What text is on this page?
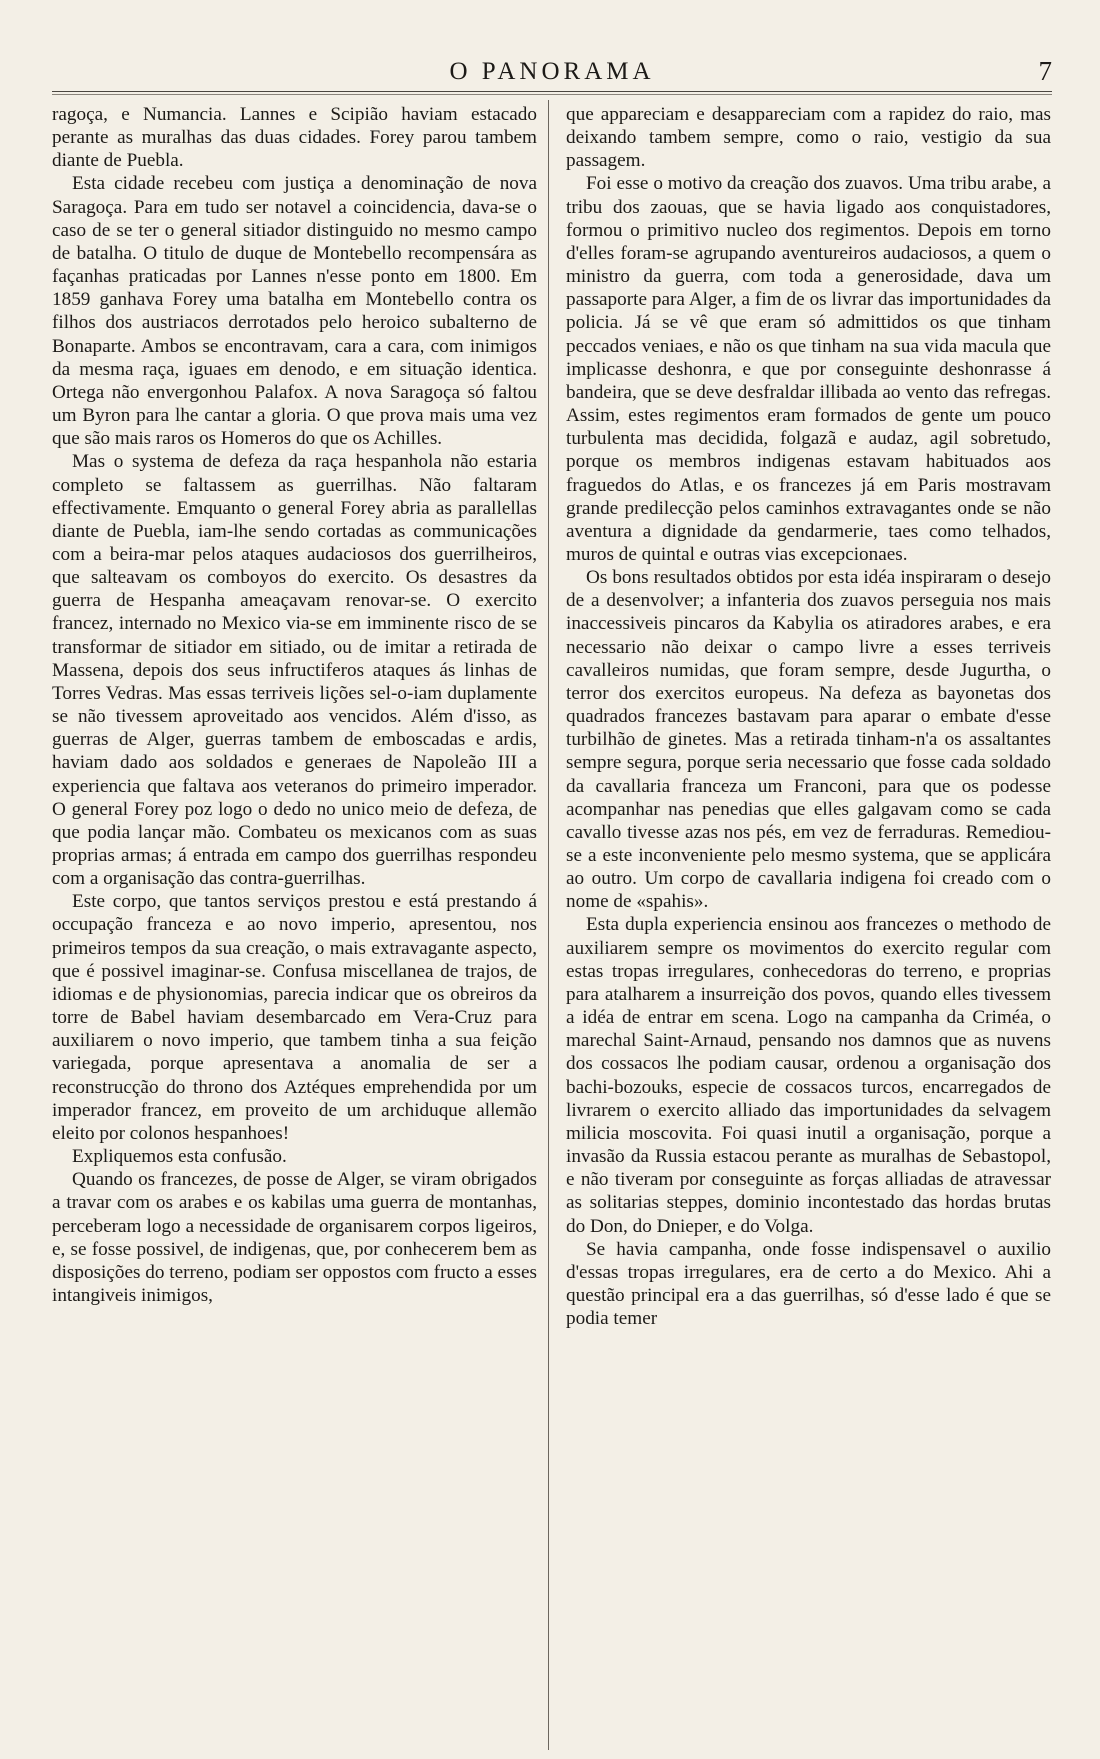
O PANORAMA	7

ragoça, e Numancia. Lannes e Scipião haviam estacado perante as muralhas das duas cidades. Forey parou tambem diante de Puebla.

Esta cidade recebeu com justiça a denominação de nova Saragoça. Para em tudo ser notavel a coincidencia, dava-se o caso de se ter o general sitiador distinguido no mesmo campo de batalha. O titulo de duque de Montebello recompensára as façanhas praticadas por Lannes n'esse ponto em 1800. Em 1859 ganhava Forey uma batalha em Montebello contra os filhos dos austriacos derrotados pelo heroico subalterno de Bonaparte. Ambos se encontravam, cara a cara, com inimigos da mesma raça, iguaes em denodo, e em situação identica. Ortega não envergonhou Palafox. A nova Saragoça só faltou um Byron para lhe cantar a gloria. O que prova mais uma vez que são mais raros os Homeros do que os Achilles.

Mas o systema de defeza da raça hespanhola não estaria completo se faltassem as guerrilhas. Não faltaram effectivamente. Emquanto o general Forey abria as parallellas diante de Puebla, iam-lhe sendo cortadas as communicações com a beira-mar pelos ataques audaciosos dos guerrilheiros, que salteavam os comboyos do exercito. Os desastres da guerra de Hespanha ameaçavam renovar-se. O exercito francez, internado no Mexico via-se em imminente risco de se transformar de sitiador em sitiado, ou de imitar a retirada de Massena, depois dos seus infructiferos ataques ás linhas de Torres Vedras. Mas essas terriveis lições sel-o-iam duplamente se não tivessem aproveitado aos vencidos. Além d'isso, as guerras de Alger, guerras tambem de emboscadas e ardis, haviam dado aos soldados e generaes de Napoleão III a experiencia que faltava aos veteranos do primeiro imperador. O general Forey poz logo o dedo no unico meio de defeza, de que podia lançar mão. Combateu os mexicanos com as suas proprias armas; á entrada em campo dos guerrilhas respondeu com a organisação das contra-guerrilhas.

Este corpo, que tantos serviços prestou e está prestando á occupação franceza e ao novo imperio, apresentou, nos primeiros tempos da sua creação, o mais extravagante aspecto, que é possivel imaginar-se. Confusa miscellanea de trajos, de idiomas e de physionomias, parecia indicar que os obreiros da torre de Babel haviam desembarcado em Vera-Cruz para auxiliarem o novo imperio, que tambem tinha a sua feição variegada, porque apresentava a anomalia de ser a reconstrucção do throno dos Aztéques emprehendida por um imperador francez, em proveito de um archiduque allemão eleito por colonos hespanhoes!

Expliquemos esta confusão.

Quando os francezes, de posse de Alger, se viram obrigados a travar com os arabes e os kabilas uma guerra de montanhas, perceberam logo a necessidade de organisarem corpos ligeiros, e, se fosse possivel, de indigenas, que, por conhecerem bem as disposições do terreno, podiam ser oppostos com fructo a esses intangiveis inimigos,

que appareciam e desappareciam com a rapidez do raio, mas deixando tambem sempre, como o raio, vestigio da sua passagem.

Foi esse o motivo da creação dos zuavos. Uma tribu arabe, a tribu dos zaouas, que se havia ligado aos conquistadores, formou o primitivo nucleo dos regimentos. Depois em torno d'elles foram-se agrupando aventureiros audaciosos, a quem o ministro da guerra, com toda a generosidade, dava um passaporte para Alger, a fim de os livrar das importunidades da policia. Já se vê que eram só admittidos os que tinham peccados veniaes, e não os que tinham na sua vida macula que implicasse deshonra, e que por conseguinte deshonrasse á bandeira, que se deve desfraldar illibada ao vento das refregas. Assim, estes regimentos eram formados de gente um pouco turbulenta mas decidida, folgazã e audaz, agil sobretudo, porque os membros indigenas estavam habituados aos fraguedos do Atlas, e os francezes já em Paris mostravam grande predilecção pelos caminhos extravagantes onde se não aventura a dignidade da gendarmerie, taes como telhados, muros de quintal e outras vias excepcionaes.

Os bons resultados obtidos por esta idéa inspiraram o desejo de a desenvolver; a infanteria dos zuavos perseguia nos mais inaccessiveis pincaros da Kabylia os atiradores arabes, e era necessario não deixar o campo livre a esses terriveis cavalleiros numidas, que foram sempre, desde Jugurtha, o terror dos exercitos europeus. Na defeza as bayonetas dos quadrados francezes bastavam para aparar o embate d'esse turbilhão de ginetes. Mas a retirada tinham-n'a os assaltantes sempre segura, porque seria necessario que fosse cada soldado da cavallaria franceza um Franconi, para que os podesse acompanhar nas penedias que elles galgavam como se cada cavallo tivesse azas nos pés, em vez de ferraduras. Remediou-se a este inconveniente pelo mesmo systema, que se applicára ao outro. Um corpo de cavallaria indigena foi creado com o nome de «spahis».

Esta dupla experiencia ensinou aos francezes o methodo de auxiliarem sempre os movimentos do exercito regular com estas tropas irregulares, conhecedoras do terreno, e proprias para atalharem a insurreição dos povos, quando elles tivessem a idéa de entrar em scena. Logo na campanha da Criméa, o marechal Saint-Arnaud, pensando nos damnos que as nuvens dos cossacos lhe podiam causar, ordenou a organisação dos bachi-bozouks, especie de cossacos turcos, encarregados de livrarem o exercito alliado das importunidades da selvagem milicia moscovita. Foi quasi inutil a organisação, porque a invasão da Russia estacou perante as muralhas de Sebastopol, e não tiveram por conseguinte as forças alliadas de atravessar as solitarias steppes, dominio incontestado das hordas brutas do Don, do Dnieper, e do Volga.

Se havia campanha, onde fosse indispensavel o auxilio d'essas tropas irregulares, era de certo a do Mexico. Ahi a questão principal era a das guerrilhas, só d'esse lado é que se podia temer
